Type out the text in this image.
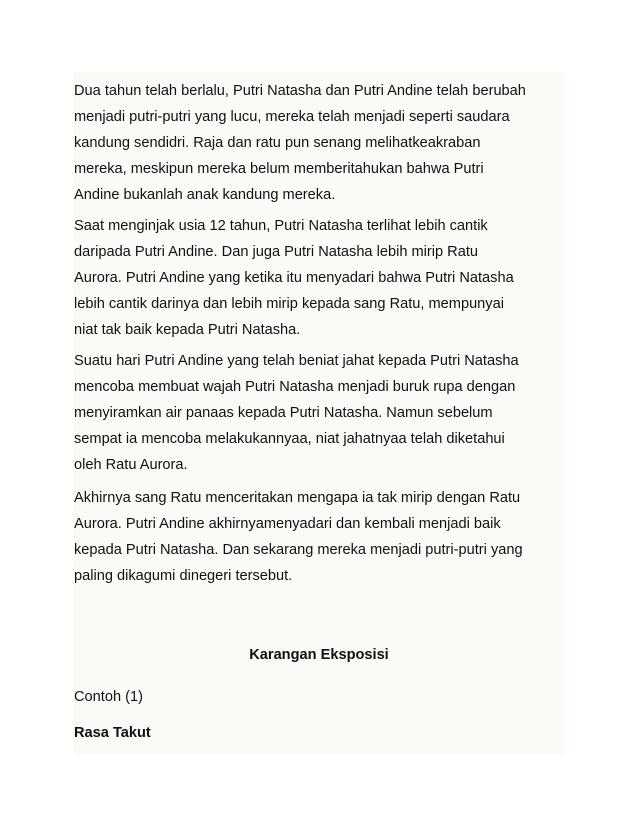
Dua tahun telah berlalu, Putri Natasha dan Putri Andine telah berubah
menjadi putri-putri yang lucu, mereka telah menjadi seperti saudara
kandung sendidri. Raja dan ratu pun senang melihatkeakraban
mereka, meskipun mereka belum memberitahukan bahwa Putri
Andine bukanlah anak kandung mereka.
Saat menginjak usia 12 tahun, Putri Natasha terlihat lebih cantik
daripada Putri Andine. Dan juga Putri Natasha lebih mirip Ratu
Aurora. Putri Andine yang ketika itu menyadari bahwa Putri Natasha
lebih cantik darinya dan lebih mirip kepada sang Ratu, mempunyai
niat tak baik kepada Putri Natasha.
Suatu hari Putri Andine yang telah beniat jahat kepada Putri Natasha
mencoba membuat wajah Putri Natasha menjadi buruk rupa dengan
menyiramkan air panaas kepada Putri Natasha. Namun sebelum
sempat ia mencoba melakukannyaa, niat jahatnyaa telah diketahui
oleh Ratu Aurora.
Akhirnya sang Ratu menceritakan mengapa ia tak mirip dengan Ratu
Aurora. Putri Andine akhirnyamenyadari dan kembali menjadi baik
kepada Putri Natasha. Dan sekarang mereka menjadi putri-putri yang
paling dikagumi dinegeri tersebut.
Karangan Eksposisi

Contoh (1)

Rasa Takut
